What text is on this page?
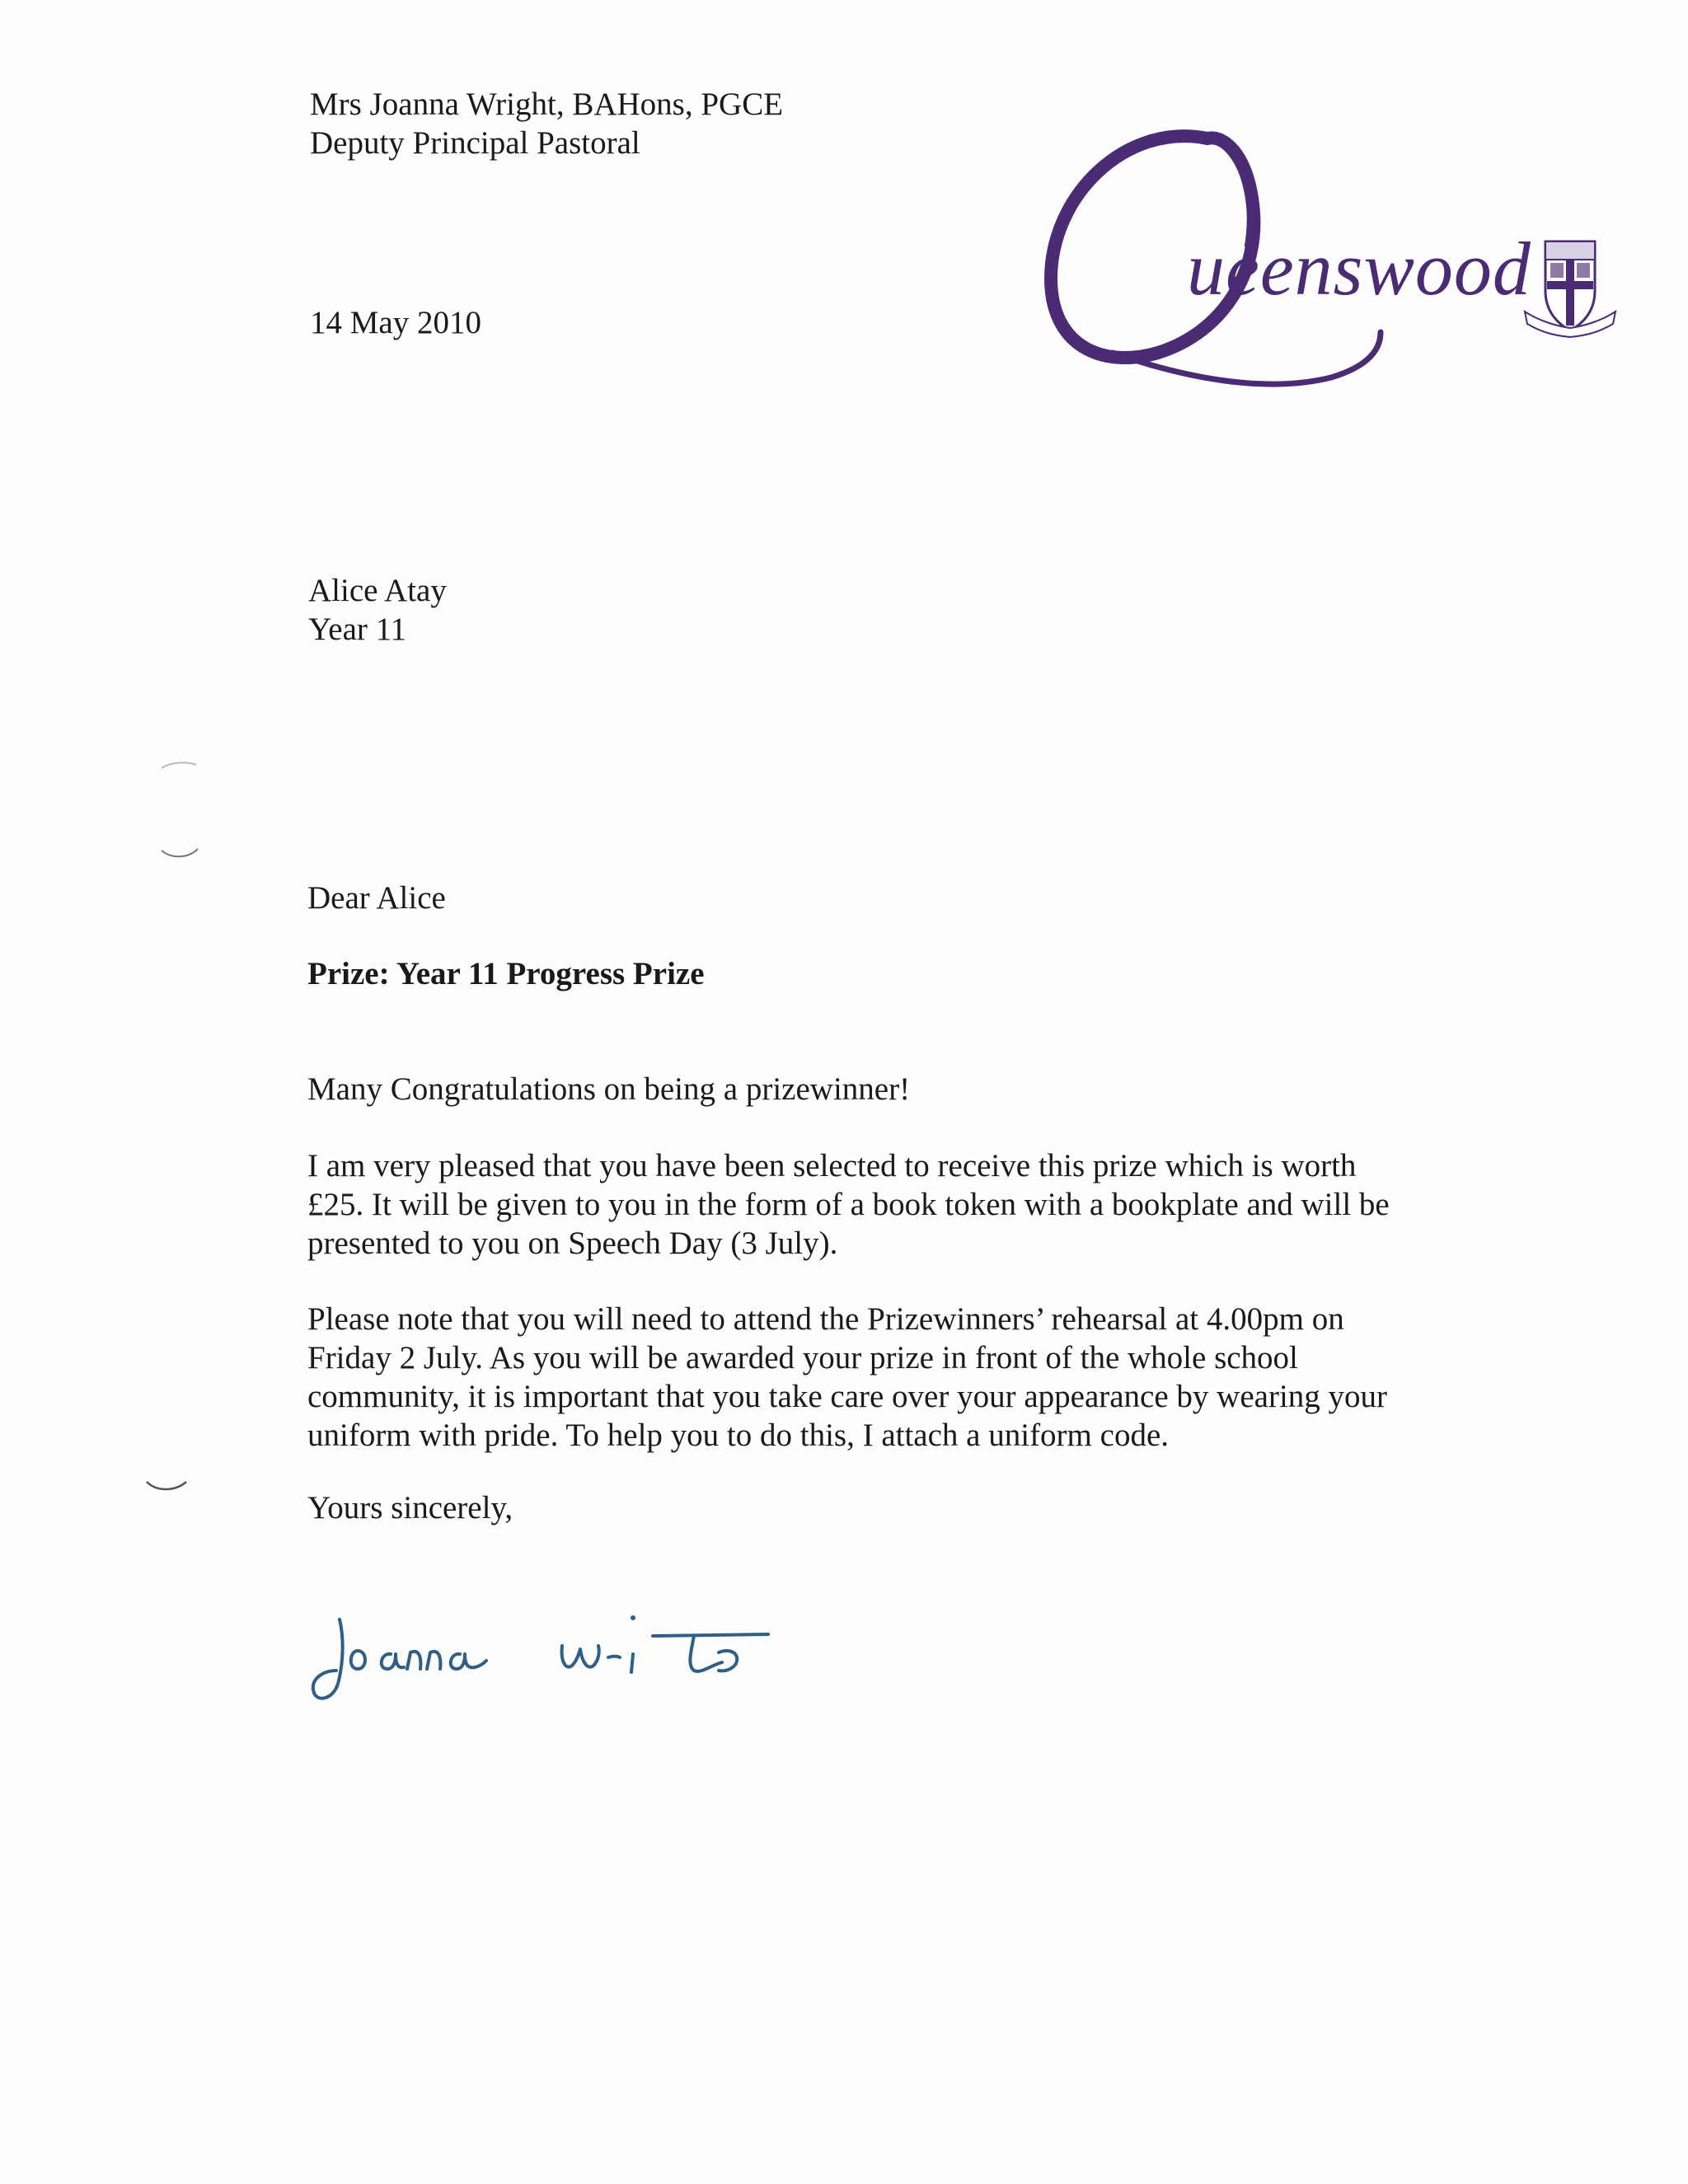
Mrs Joanna Wright, BAHons, PGCE
Deputy Principal Pastoral
14 May 2010
ueenswood
Alice Atay
Year 11
Dear Alice
Prize: Year 11 Progress Prize
Many Congratulations on being a prizewinner!
I am very pleased that you have been selected to receive this prize which is worth
£25. It will be given to you in the form of a book token with a bookplate and will be
presented to you on Speech Day (3 July).
Please note that you will need to attend the Prizewinners’ rehearsal at 4.00pm on
Friday 2 July. As you will be awarded your prize in front of the whole school
community, it is important that you take care over your appearance by wearing your
uniform with pride. To help you to do this, I attach a uniform code.
Yours sincerely,
